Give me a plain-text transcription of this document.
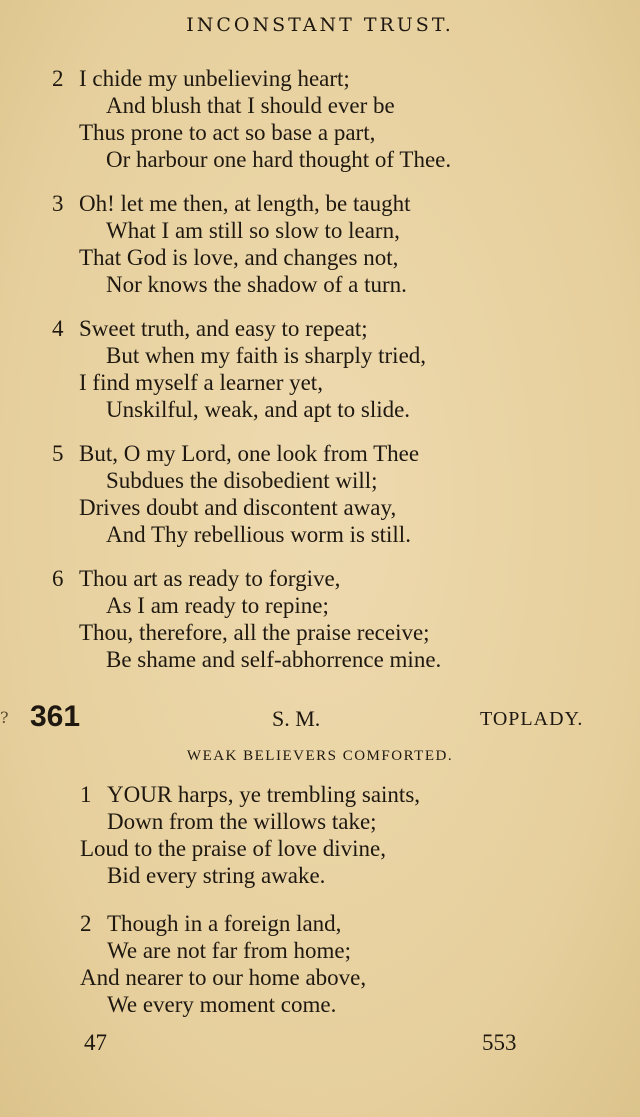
INCONSTANT TRUST.
2 I chide my unbelieving heart;
And blush that I should ever be
Thus prone to act so base a part,
Or harbour one hard thought of Thee.
3 Oh! let me then, at length, be taught
What I am still so slow to learn,
That God is love, and changes not,
Nor knows the shadow of a turn.
4 Sweet truth, and easy to repeat;
But when my faith is sharply tried,
I find myself a learner yet,
Unskilful, weak, and apt to slide.
5 But, O my Lord, one look from Thee
Subdues the disobedient will;
Drives doubt and discontent away,
And Thy rebellious worm is still.
6 Thou art as ready to forgive,
As I am ready to repine;
Thou, therefore, all the praise receive;
Be shame and self-abhorrence mine.
? 361	S. M.	TOPLADY.
WEAK BELIEVERS COMFORTED.
1 YOUR harps, ye trembling saints,
Down from the willows take;
Loud to the praise of love divine,
Bid every string awake.
2 Though in a foreign land,
We are not far from home;
And nearer to our home above,
We every moment come.
47	553
